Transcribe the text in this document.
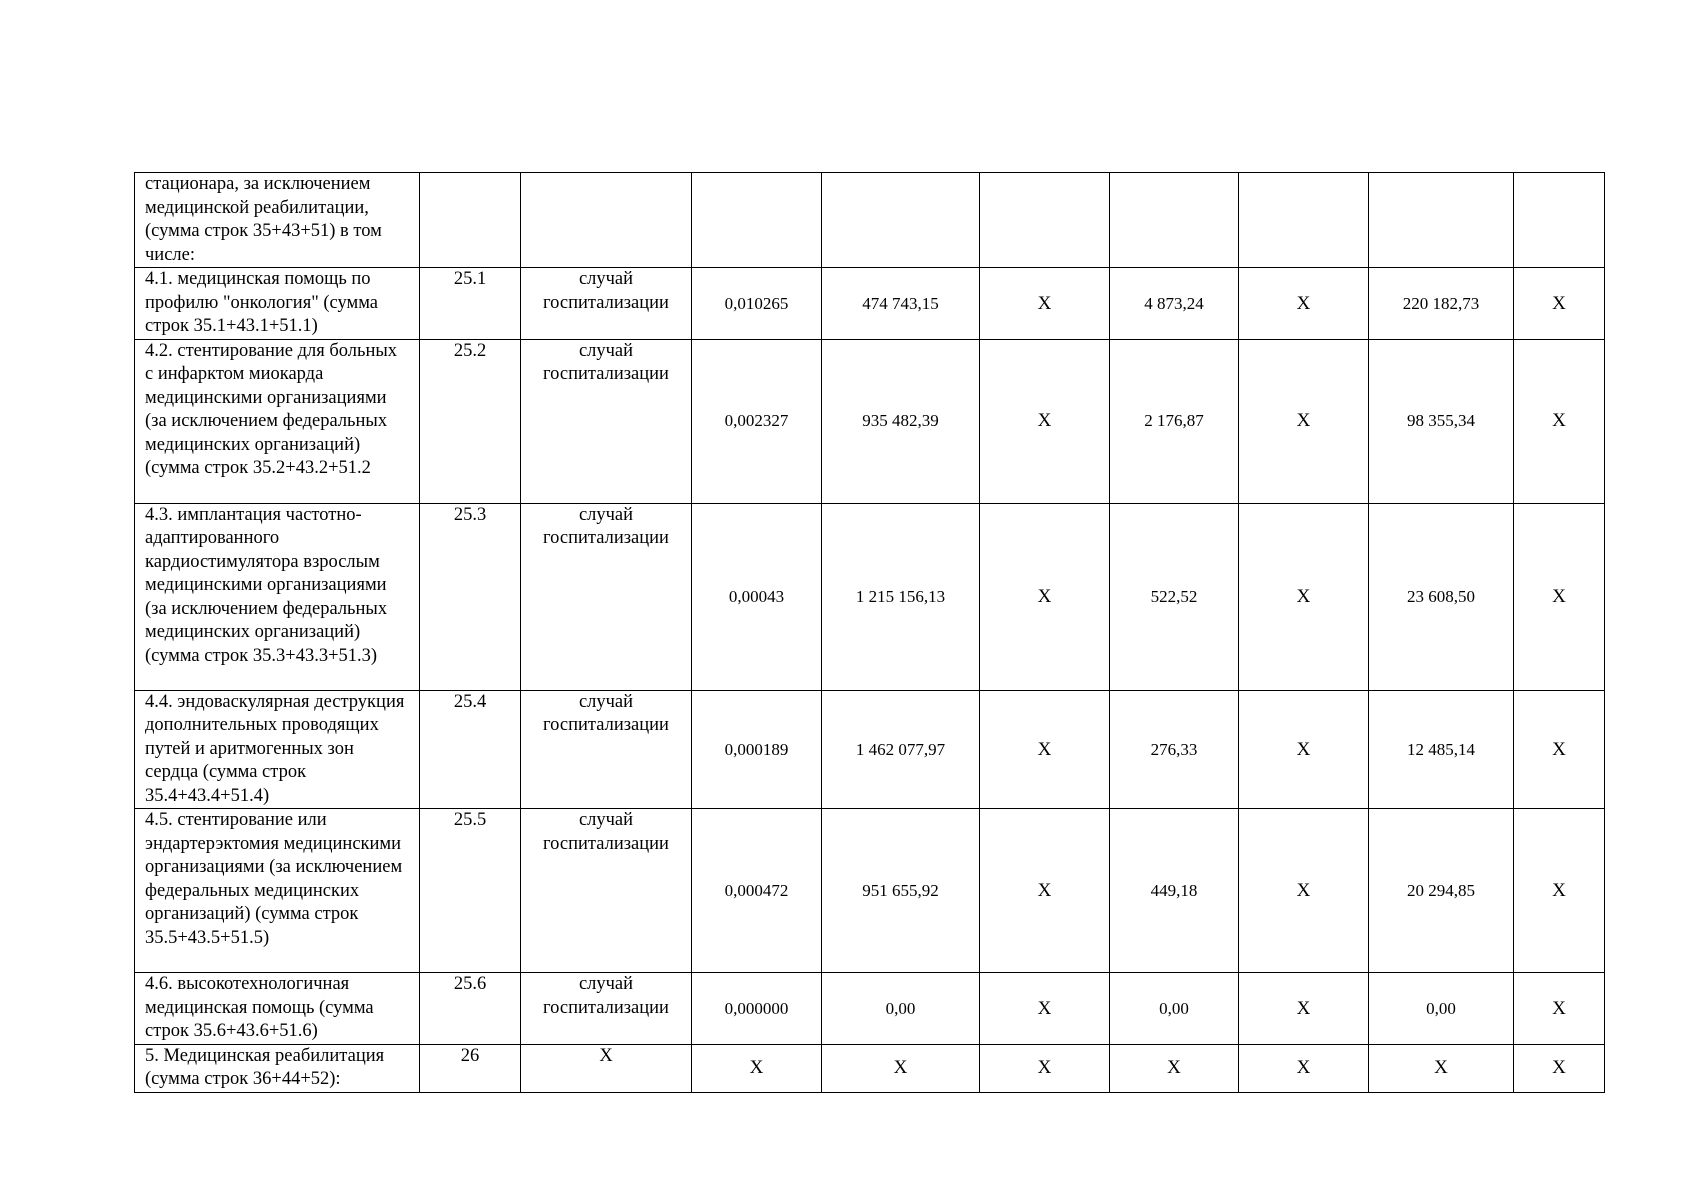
стационара, за исключением медицинской реабилитации, (сумма строк 35+43+51) в том числе:									
4.1. медицинская помощь по профилю "онкология" (сумма строк 35.1+43.1+51.1)	25.1	случай госпитализации	0,010265	474 743,15	X	4 873,24	X	220 182,73	X
4.2. стентирование для больных с инфарктом миокарда медицинскими организациями (за исключением федеральных медицинских организаций) (сумма строк 35.2+43.2+51.2	25.2	случай госпитализации	0,002327	935 482,39	X	2 176,87	X	98 355,34	X
4.3. имплантация частотно-адаптированного кардиостимулятора взрослым медицинскими организациями (за исключением федеральных медицинских организаций) (сумма строк 35.3+43.3+51.3)	25.3	случай госпитализации	0,00043	1 215 156,13	X	522,52	X	23 608,50	X
4.4. эндоваскулярная деструкция дополнительных проводящих путей и аритмогенных зон сердца (сумма строк 35.4+43.4+51.4)	25.4	случай госпитализации	0,000189	1 462 077,97	X	276,33	X	12 485,14	X
4.5. стентирование или эндартерэктомия медицинскими организациями (за исключением федеральных медицинских организаций) (сумма строк 35.5+43.5+51.5)	25.5	случай госпитализации	0,000472	951 655,92	X	449,18	X	20 294,85	X
4.6. высокотехнологичная медицинская помощь (сумма строк 35.6+43.6+51.6)	25.6	случай госпитализации	0,000000	0,00	X	0,00	X	0,00	X
5. Медицинская реабилитация (сумма строк 36+44+52):	26	X	X	X	X	X	X	X	X
